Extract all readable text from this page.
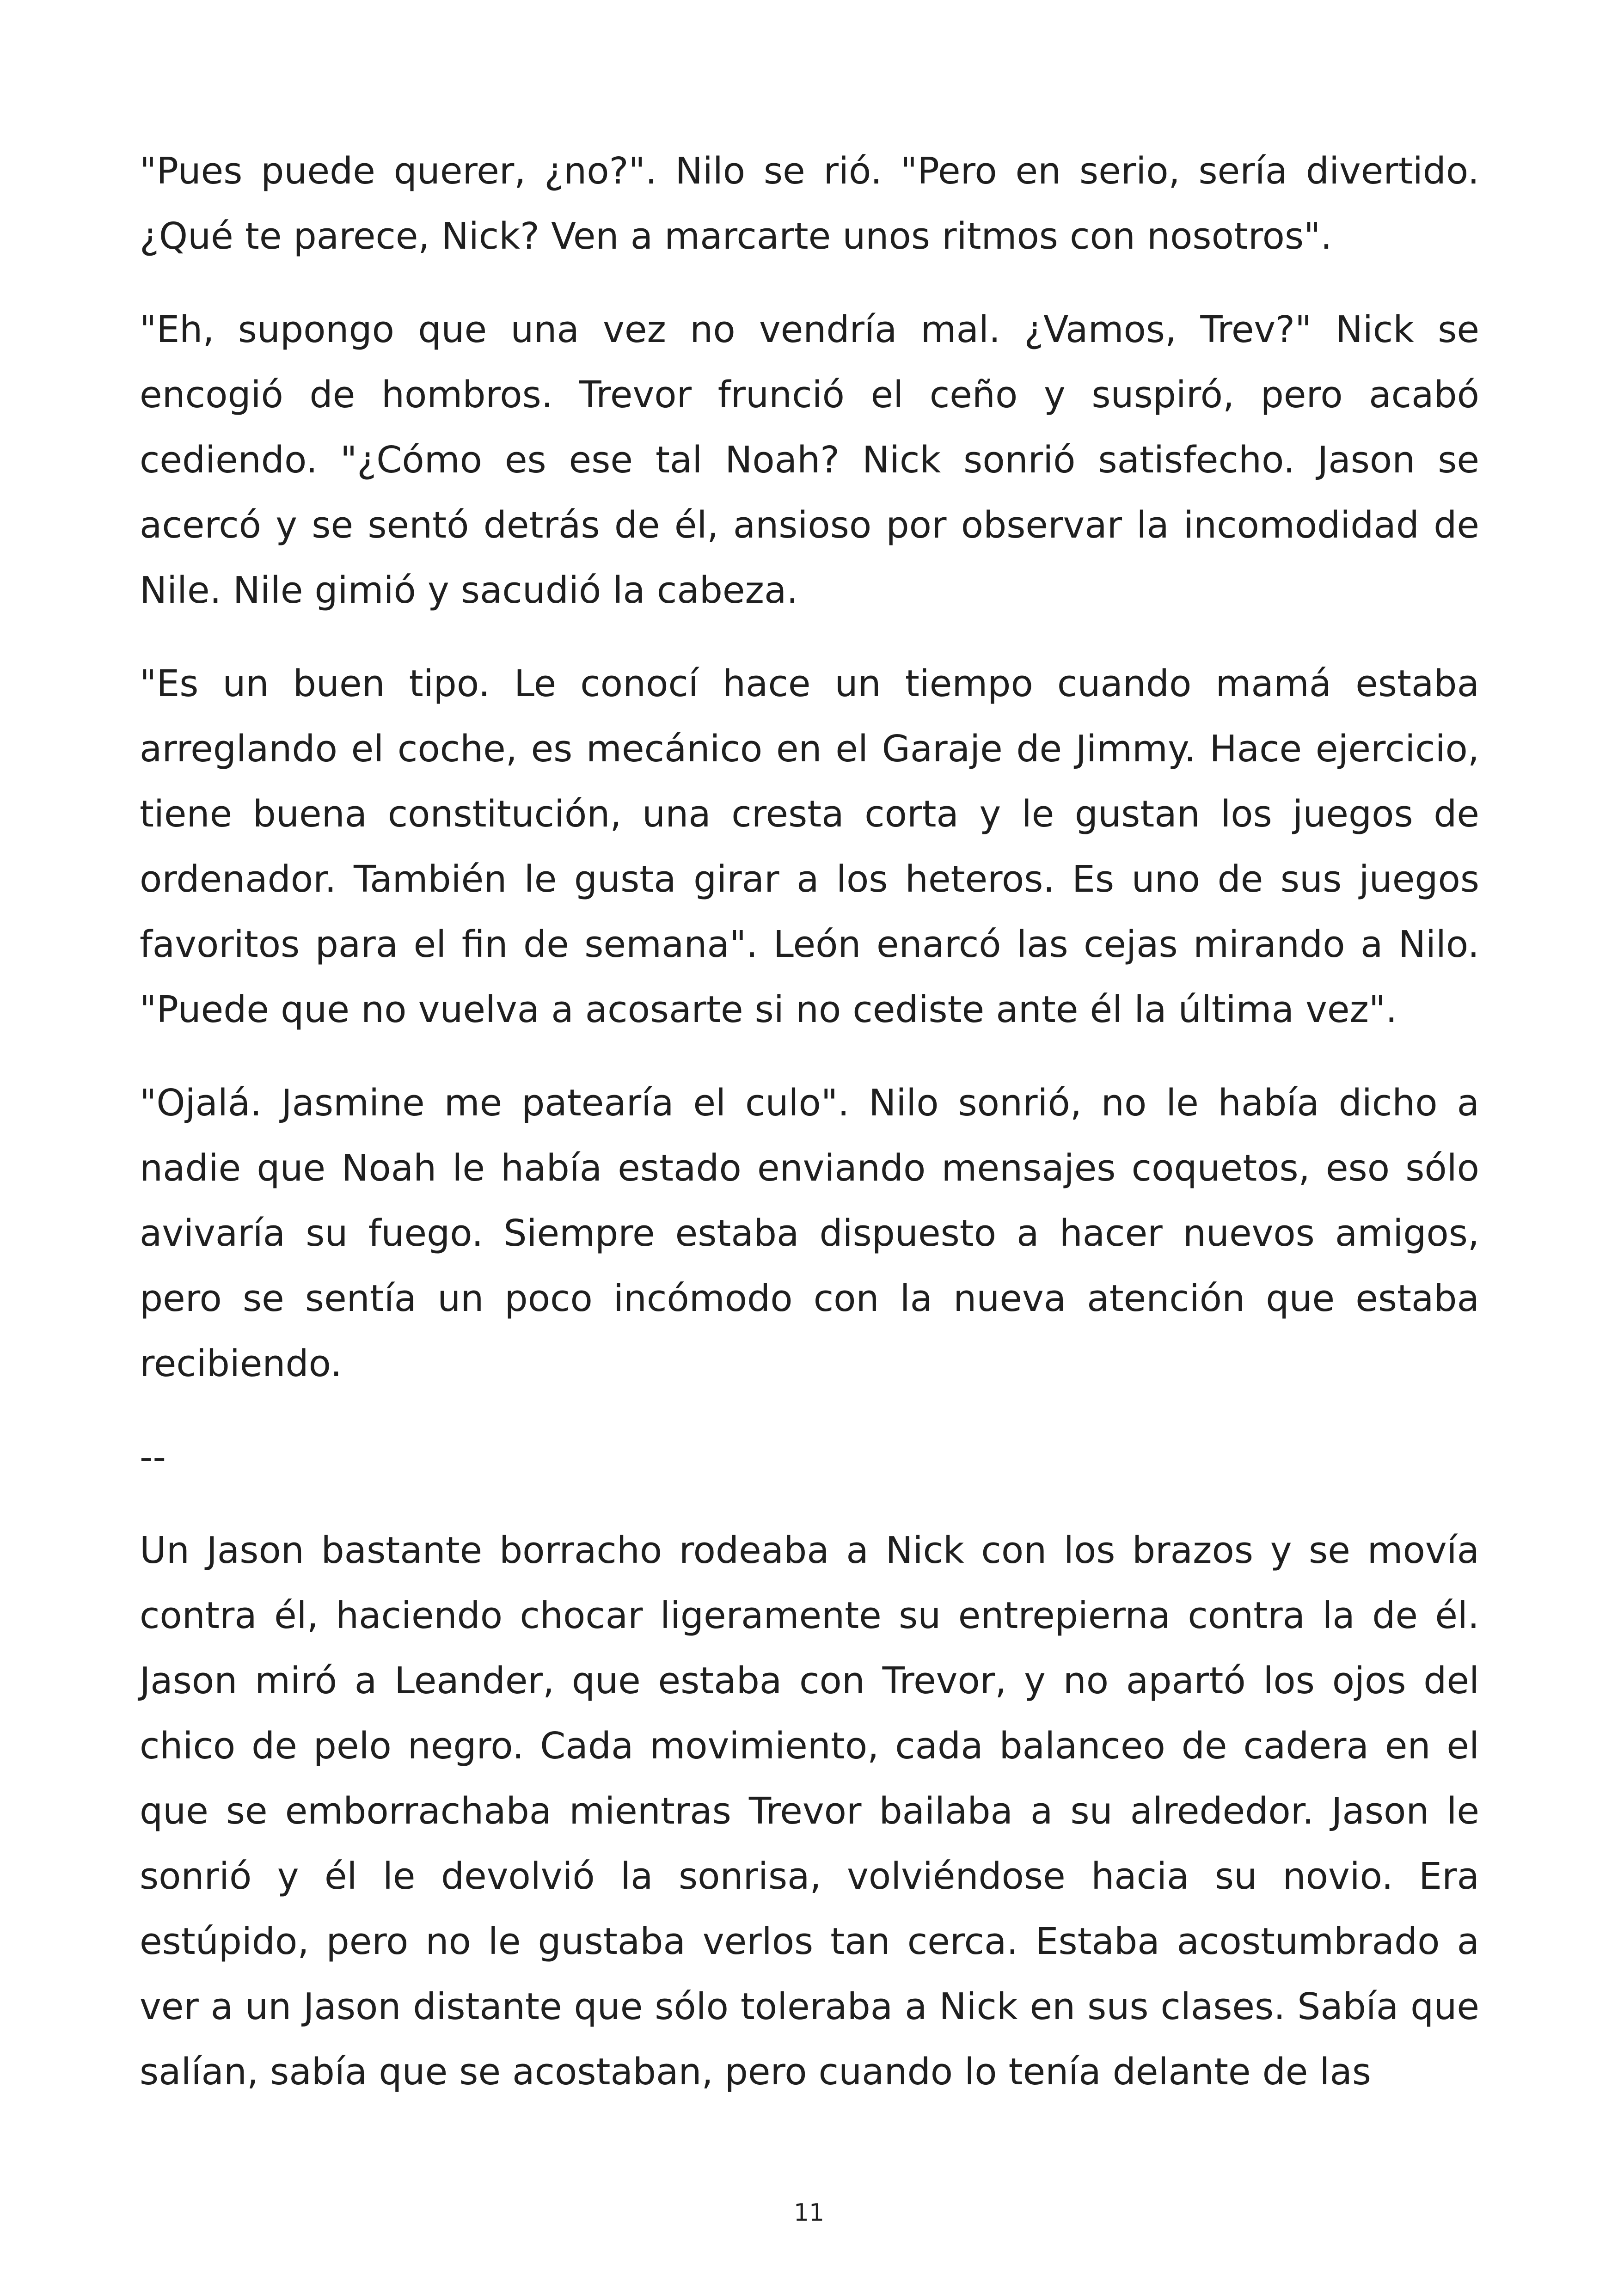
"Pues puede querer, ¿no?". Nilo se rió. "Pero en serio, sería divertido. ¿Qué te parece, Nick? Ven a marcarte unos ritmos con nosotros".

"Eh, supongo que una vez no vendría mal. ¿Vamos, Trev?" Nick se encogió de hombros. Trevor frunció el ceño y suspiró, pero acabó cediendo. "¿Cómo es ese tal Noah? Nick sonrió satisfecho. Jason se acercó y se sentó detrás de él, ansioso por observar la incomodidad de Nile. Nile gimió y sacudió la cabeza.

"Es un buen tipo. Le conocí hace un tiempo cuando mamá estaba arreglando el coche, es mecánico en el Garaje de Jimmy. Hace ejercicio, tiene buena constitución, una cresta corta y le gustan los juegos de ordenador. También le gusta girar a los heteros. Es uno de sus juegos favoritos para el fin de semana". León enarcó las cejas mirando a Nilo. "Puede que no vuelva a acosarte si no cediste ante él la última vez".

"Ojalá. Jasmine me patearía el culo". Nilo sonrió, no le había dicho a nadie que Noah le había estado enviando mensajes coquetos, eso sólo avivaría su fuego. Siempre estaba dispuesto a hacer nuevos amigos, pero se sentía un poco incómodo con la nueva atención que estaba recibiendo.

--

Un Jason bastante borracho rodeaba a Nick con los brazos y se movía contra él, haciendo chocar ligeramente su entrepierna contra la de él. Jason miró a Leander, que estaba con Trevor, y no apartó los ojos del chico de pelo negro. Cada movimiento, cada balanceo de cadera en el que se emborrachaba mientras Trevor bailaba a su alrededor. Jason le sonrió y él le devolvió la sonrisa, volviéndose hacia su novio. Era estúpido, pero no le gustaba verlos tan cerca. Estaba acostumbrado a ver a un Jason distante que sólo toleraba a Nick en sus clases. Sabía que salían, sabía que se acostaban, pero cuando lo tenía delante de las

11
